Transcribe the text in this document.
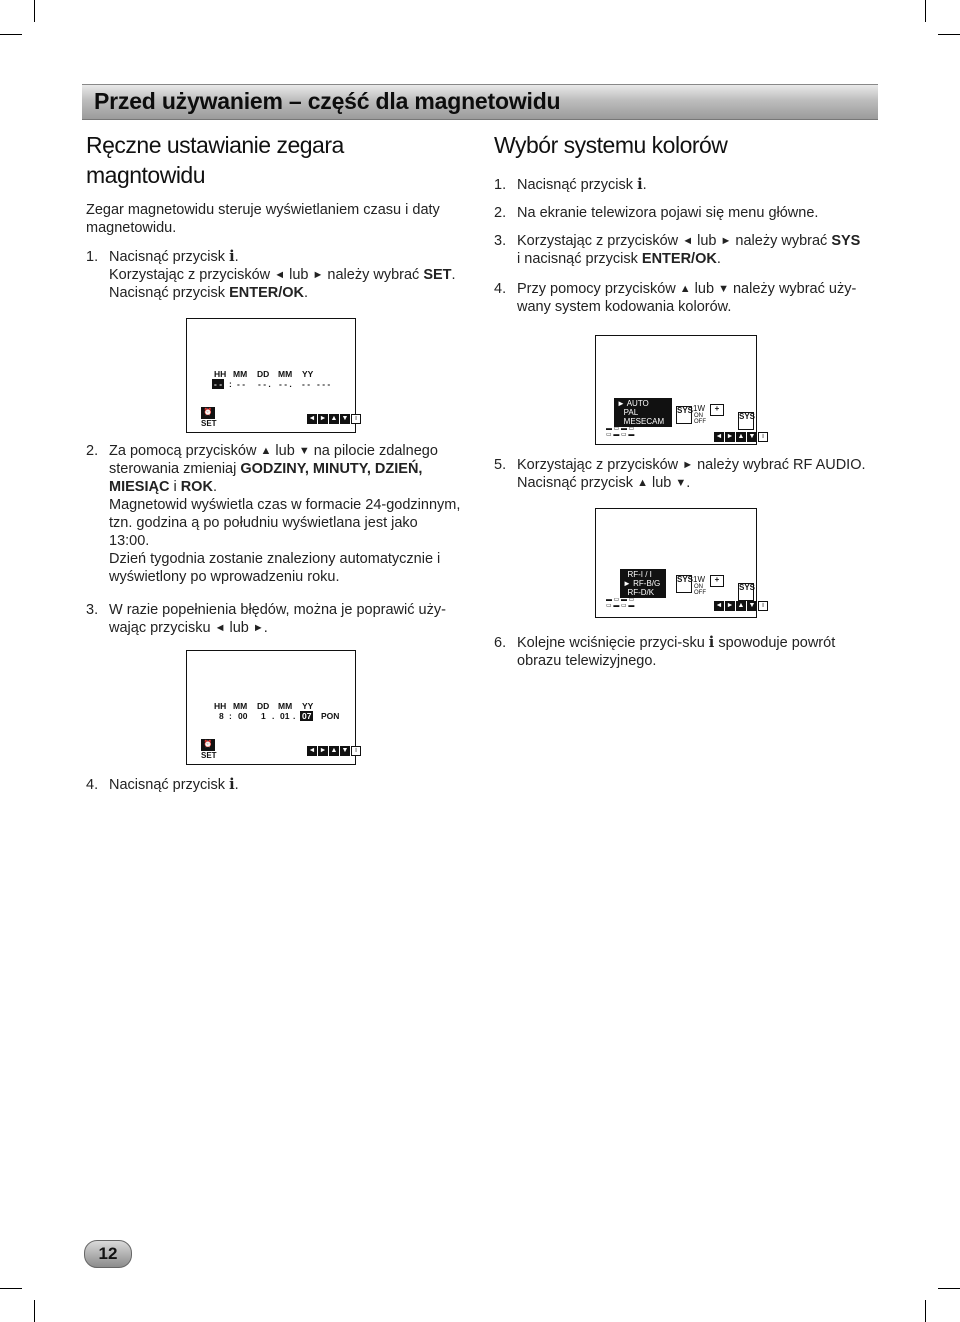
Przed używaniem – część dla magnetowidu
Ręczne ustawianie zegara
magntowidu
Zegar magnetowidu steruje wyświetlaniem czasu i daty
magnetowidu.
1. Nacisnąć przycisk i.
Korzystając z przycisków ◄ lub ► należy wybrać SET.
Nacisnąć przycisk ENTER/OK.
HH MM DD MM YY
- - : - - - - . - - . - - - - -
⏰
SET
◄ ► ▲ ▼ i
2. Za pomocą przycisków ▲ lub ▼ na pilocie zdalnego
sterowania zmieniaj GODZINY, MINUTY, DZIEŃ,
MIESIĄC i ROK.
Magnetowid wyświetla czas w formacie 24-godzinnym,
tzn. godzina ą po południu wyświetlana jest jako
13:00.
Dzień tygodnia zostanie znaleziony automatycznie i
wyświetlony po wprowadzeniu roku.
3. W razie popełnienia błędów, można je poprawić uży-
wając przycisku ◄ lub ►.
HH MM DD MM YY
8 : 00 1 . 01 . 07 PON
⏰
SET
◄ ► ▲ ▼ i
4. Nacisnąć przycisk i.
Wybór systemu kolorów
1. Nacisnąć przycisk i.
2. Na ekranie telewizora pojawi się menu główne.
3. Korzystając z przycisków ◄ lub ► należy wybrać SYS
i nacisnąć przycisk ENTER/OK.
4. Przy pomocy przycisków ▲ lub ▼ należy wybrać uży-
wany system kodowania kolorów.
► AUTO
PAL
MESECAM
SYS 1W
ON
OFF
+
SYS
▬ ▭ ▬ ▭
▭ ▬ ▭ ▬	◄ ► ▲ ▼ i
5. Korzystając z przycisków ► należy wybrać RF AUDIO.
Nacisnąć przycisk ▲ lub ▼.
RF-I / I
► RF-B/G
RF-D/K
SYS 1W
ON
OFF
+
SYS
▬ ▭ ▬ ▭
▭ ▬ ▭ ▬	◄ ► ▲ ▼ i
6. Kolejne wciśnięcie przyci-sku i spowoduje powrót
obrazu telewizyjnego.
12
